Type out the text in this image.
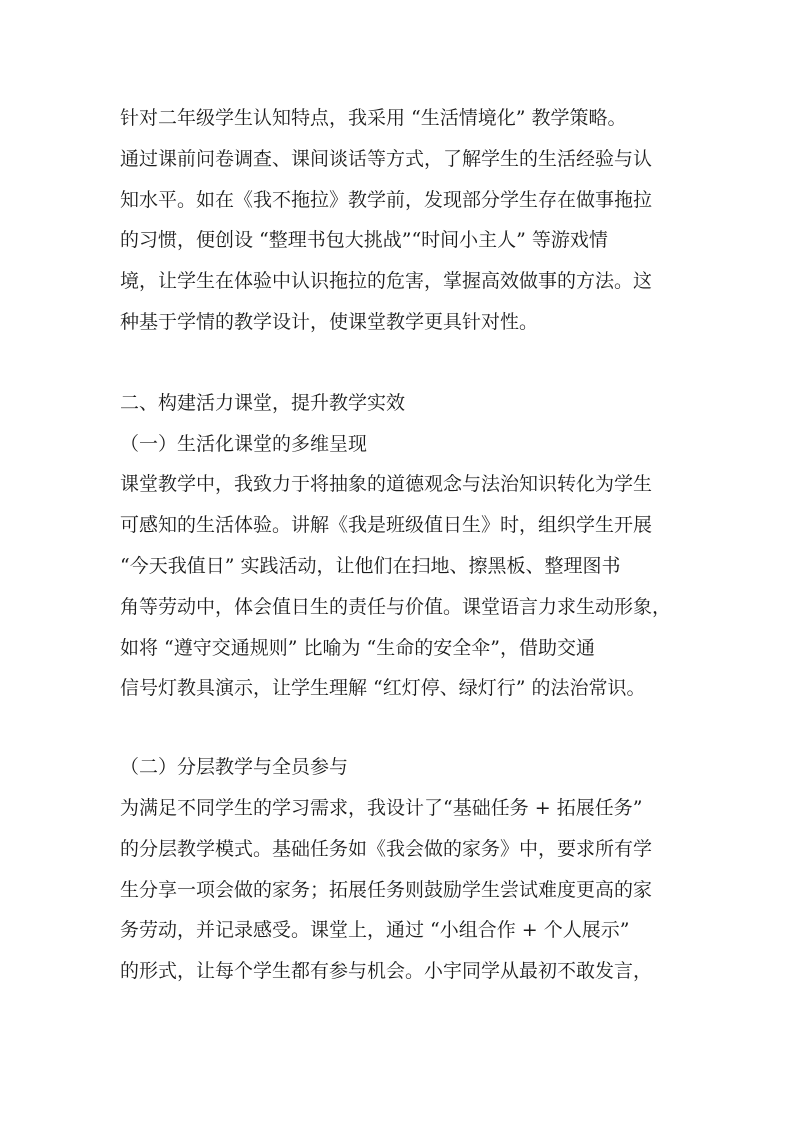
针对二年级学生认知特点，我采用 “生活情境化” 教学策略。

通过课前问卷调查、课间谈话等方式，了解学生的生活经验与认

知水平。如在《我不拖拉》教学前，发现部分学生存在做事拖拉

的习惯，便创设 “整理书包大挑战”“时间小主人” 等游戏情

境，让学生在体验中认识拖拉的危害，掌握高效做事的方法。这

种基于学情的教学设计，使课堂教学更具针对性。

二、构建活力课堂，提升教学实效

（一）生活化课堂的多维呈现

课堂教学中，我致力于将抽象的道德观念与法治知识转化为学生

可感知的生活体验。讲解《我是班级值日生》时，组织学生开展

“今天我值日” 实践活动，让他们在扫地、擦黑板、整理图书

角等劳动中，体会值日生的责任与价值。课堂语言力求生动形象，

如将 “遵守交通规则” 比喻为 “生命的安全伞”，借助交通

信号灯教具演示，让学生理解 “红灯停、绿灯行” 的法治常识。

（二）分层教学与全员参与

为满足不同学生的学习需求，我设计了“基础任务 + 拓展任务”

的分层教学模式。基础任务如《我会做的家务》中，要求所有学

生分享一项会做的家务；拓展任务则鼓励学生尝试难度更高的家

务劳动，并记录感受。课堂上，通过 “小组合作 + 个人展示”

的形式，让每个学生都有参与机会。小宇同学从最初不敢发言，
